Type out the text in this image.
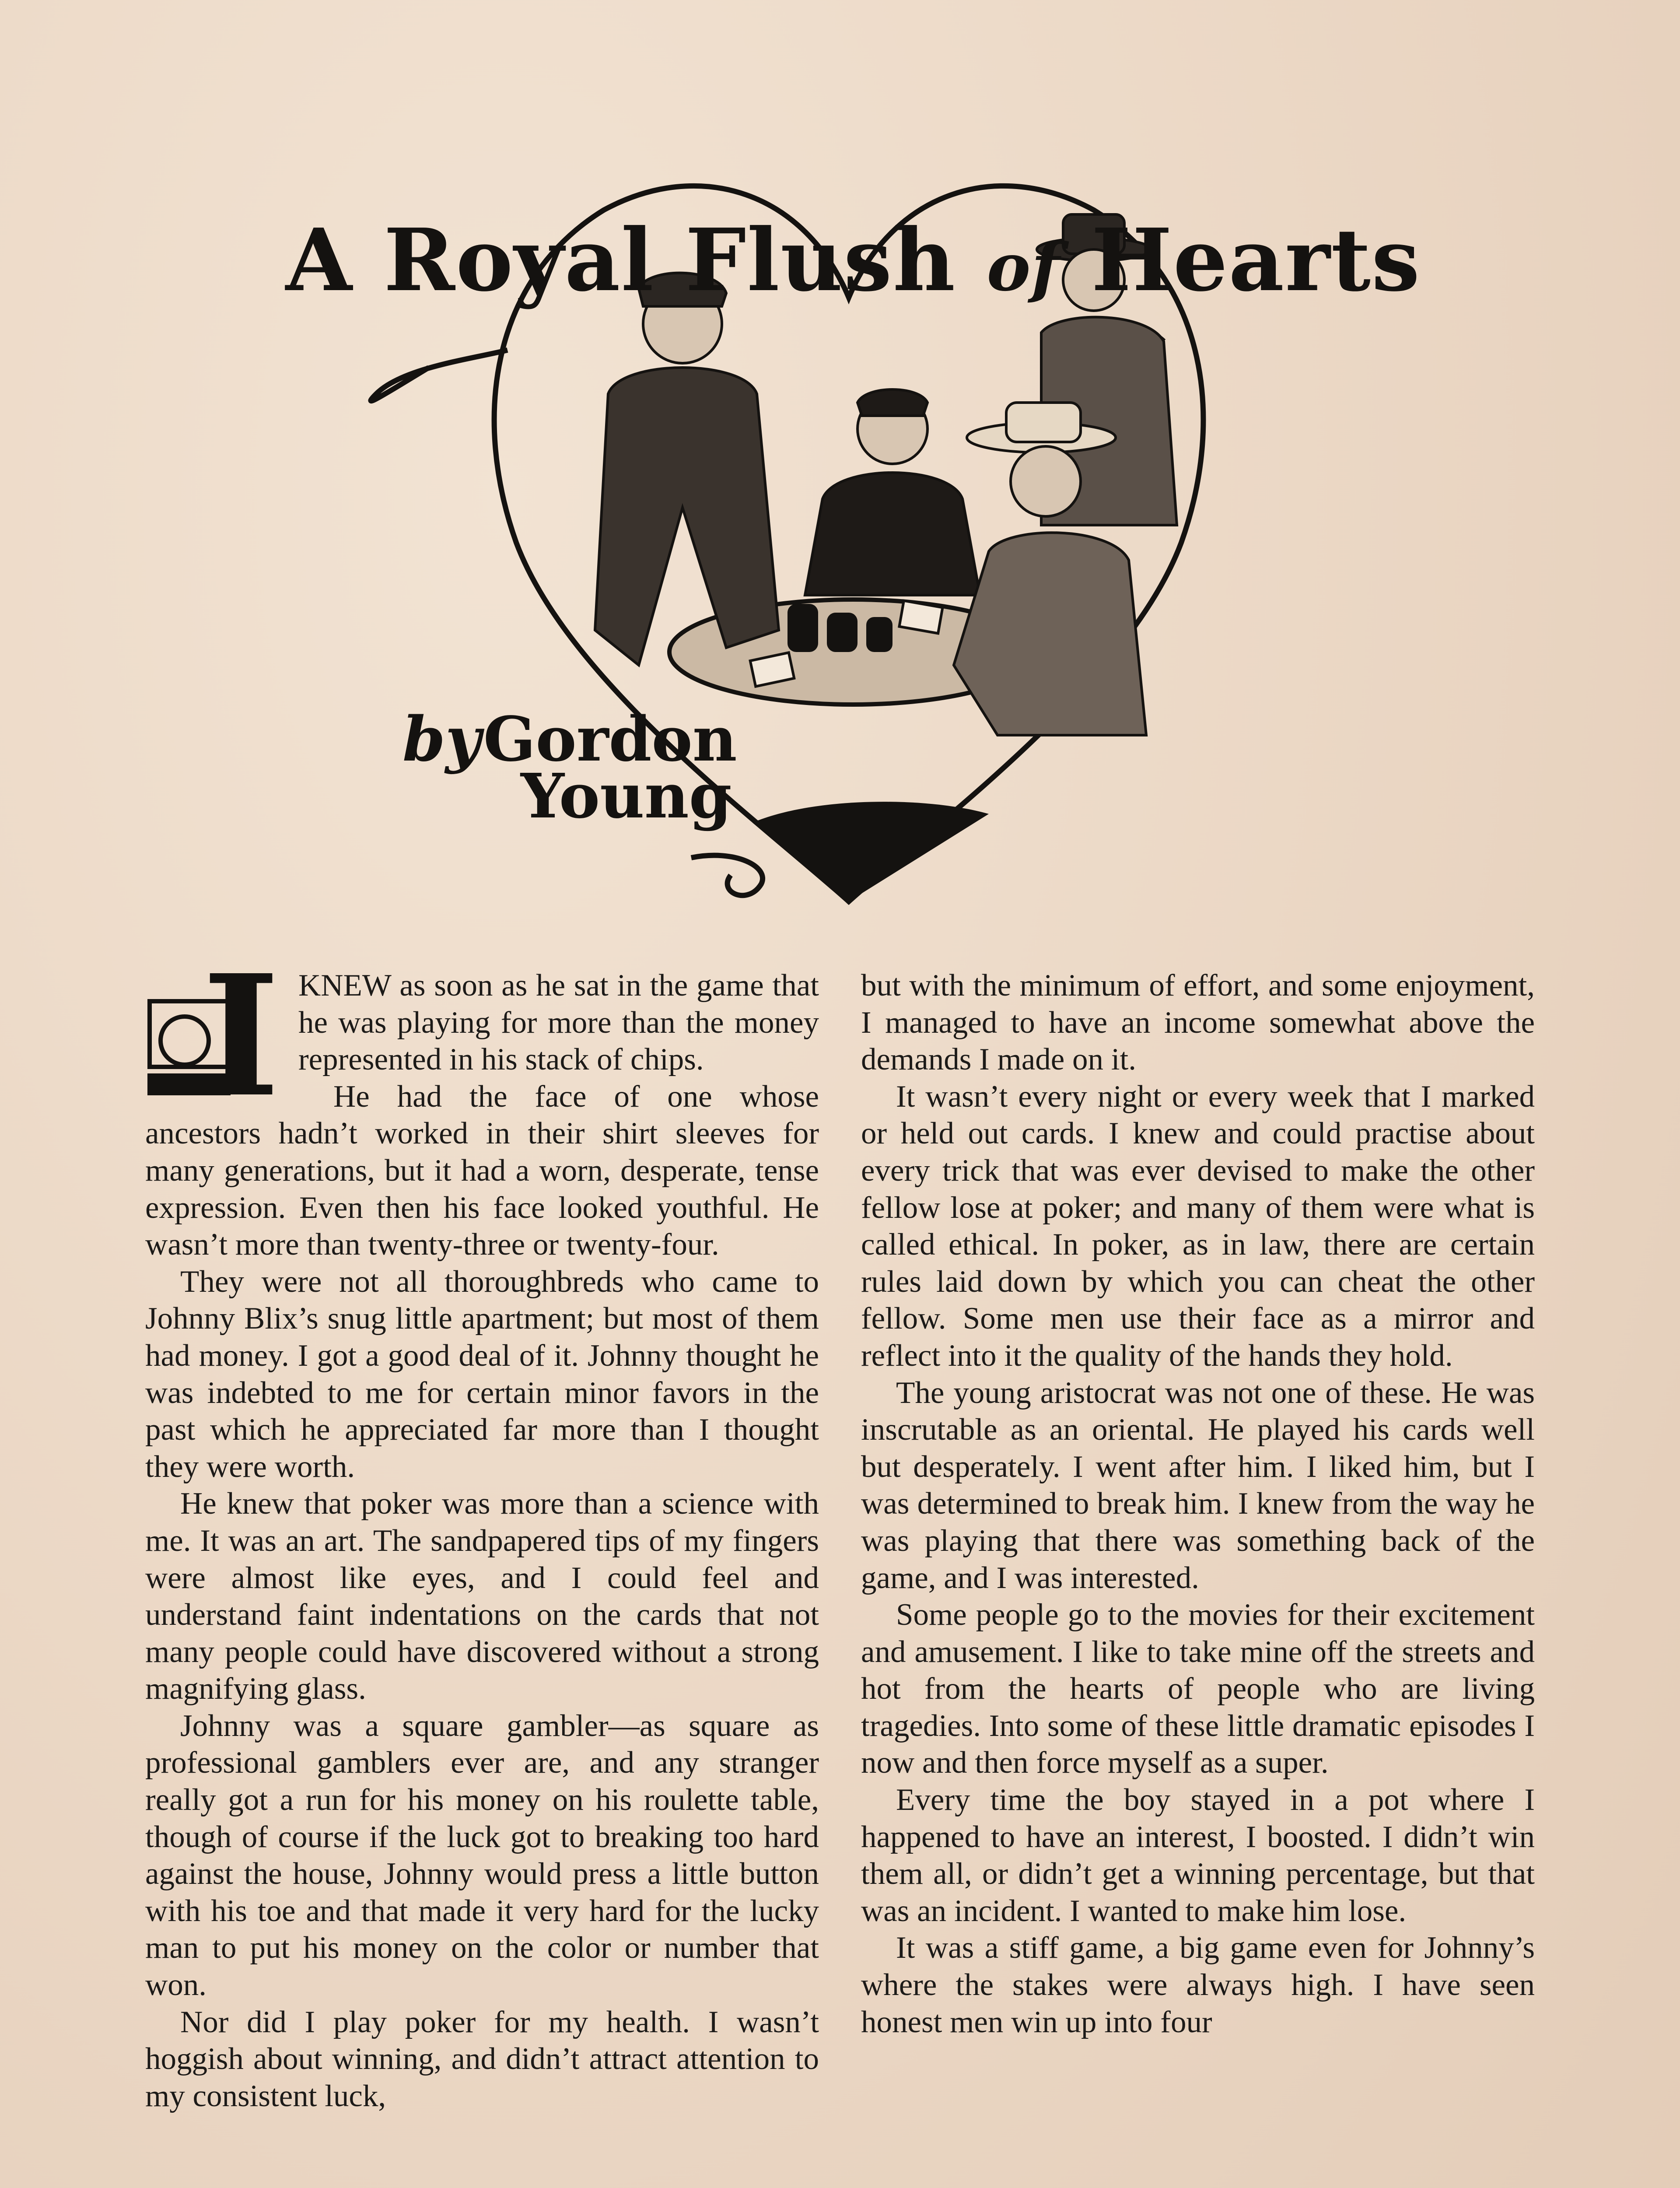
A Royal Flush of Hearts
by Gordon
Young
I KNEW as soon as he sat in the game that he was playing for more than the money represented in his stack of chips.

He had the face of one whose ancestors hadn’t worked in their shirt sleeves for many generations, but it had a worn, desperate, tense expression. Even then his face looked youthful. He wasn’t more than twenty-three or twenty-four.

They were not all thoroughbreds who came to Johnny Blix’s snug little apartment; but most of them had money. I got a good deal of it. Johnny thought he was indebted to me for certain minor favors in the past which he appreciated far more than I thought they were worth.

He knew that poker was more than a science with me. It was an art. The sandpapered tips of my fingers were almost like eyes, and I could feel and understand faint indentations on the cards that not many people could have discovered without a strong magnifying glass.

Johnny was a square gambler—as square as professional gamblers ever are, and any stranger really got a run for his money on his roulette table, though of course if the luck got to breaking too hard against the house, Johnny would press a little button with his toe and that made it very hard for the lucky man to put his money on the color or number that won.

Nor did I play poker for my health. I wasn’t hoggish about winning, and didn’t attract attention to my consistent luck,

but with the minimum of effort, and some enjoyment, I managed to have an income somewhat above the demands I made on it.

It wasn’t every night or every week that I marked or held out cards. I knew and could practise about every trick that was ever devised to make the other fellow lose at poker; and many of them were what is called ethical. In poker, as in law, there are certain rules laid down by which you can cheat the other fellow. Some men use their face as a mirror and reflect into it the quality of the hands they hold.

The young aristocrat was not one of these. He was inscrutable as an oriental. He played his cards well but desperately. I went after him. I liked him, but I was determined to break him. I knew from the way he was playing that there was something back of the game, and I was interested.

Some people go to the movies for their excitement and amusement. I like to take mine off the streets and hot from the hearts of people who are living tragedies. Into some of these little dramatic episodes I now and then force myself as a super.

Every time the boy stayed in a pot where I happened to have an interest, I boosted. I didn’t win them all, or didn’t get a winning percentage, but that was an incident. I wanted to make him lose.

It was a stiff game, a big game even for Johnny’s where the stakes were always high. I have seen honest men win up into four
